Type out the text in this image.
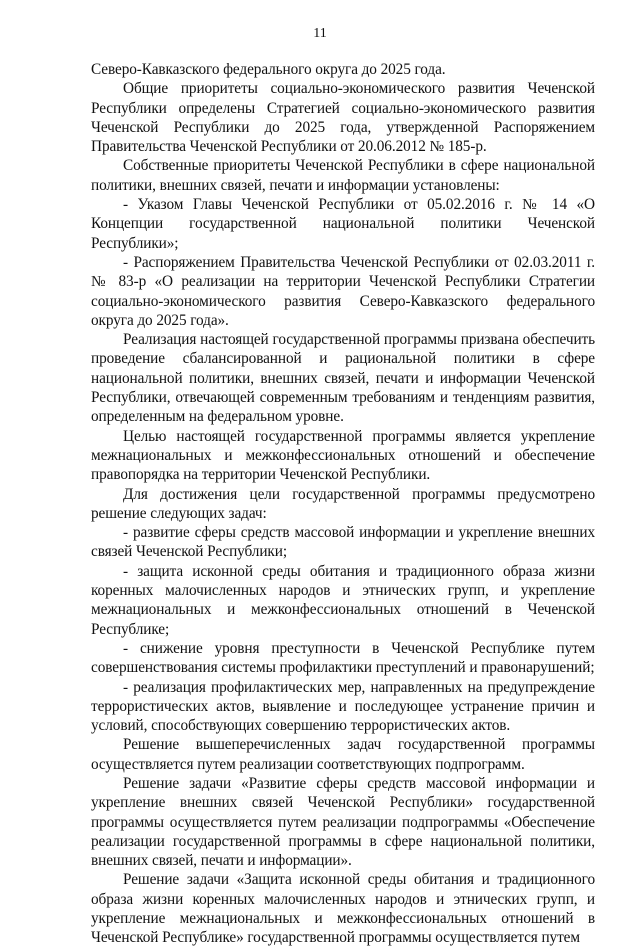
11

Северо-Кавказского федерального округа до 2025 года.

Общие приоритеты социально-экономического развития Чеченской Республики определены Стратегией социально-экономического развития Чеченской Республики до 2025 года, утвержденной Распоряжением Правительства Чеченской Республики от 20.06.2012 № 185-р.

Собственные приоритеты Чеченской Республики в сфере национальной политики, внешних связей, печати и информации установлены:

- Указом Главы Чеченской Республики от 05.02.2016 г. № 14 «О Концепции государственной национальной политики Чеченской Республики»;

- Распоряжением Правительства Чеченской Республики от 02.03.2011 г. № 83-р «О реализации на территории Чеченской Республики Стратегии социально-экономического развития Северо-Кавказского федерального округа до 2025 года».

Реализация настоящей государственной программы призвана обеспечить проведение сбалансированной и рациональной политики в сфере национальной политики, внешних связей, печати и информации Чеченской Республики, отвечающей современным требованиям и тенденциям развития, определенным на федеральном уровне.

Целью настоящей государственной программы является укрепление межнациональных и межконфессиональных отношений и обеспечение правопорядка на территории Чеченской Республики.

Для достижения цели государственной программы предусмотрено решение следующих задач:

- развитие сферы средств массовой информации и укрепление внешних связей Чеченской Республики;

- защита исконной среды обитания и традиционного образа жизни коренных малочисленных народов и этнических групп, и укрепление межнациональных и межконфессиональных отношений в Чеченской Республике;

- снижение уровня преступности в Чеченской Республике путем совершенствования системы профилактики преступлений и правонарушений;

- реализация профилактических мер, направленных на предупреждение террористических актов, выявление и последующее устранение причин и условий, способствующих совершению террористических актов.

Решение вышеперечисленных задач государственной программы осуществляется путем реализации соответствующих подпрограмм.

Решение задачи «Развитие сферы средств массовой информации и укрепление внешних связей Чеченской Республики» государственной программы осуществляется путем реализации подпрограммы «Обеспечение реализации государственной программы в сфере национальной политики, внешних связей, печати и информации».

Решение задачи «Защита исконной среды обитания и традиционного образа жизни коренных малочисленных народов и этнических групп, и укрепление межнациональных и межконфессиональных отношений в Чеченской Республике» государственной программы осуществляется путем
